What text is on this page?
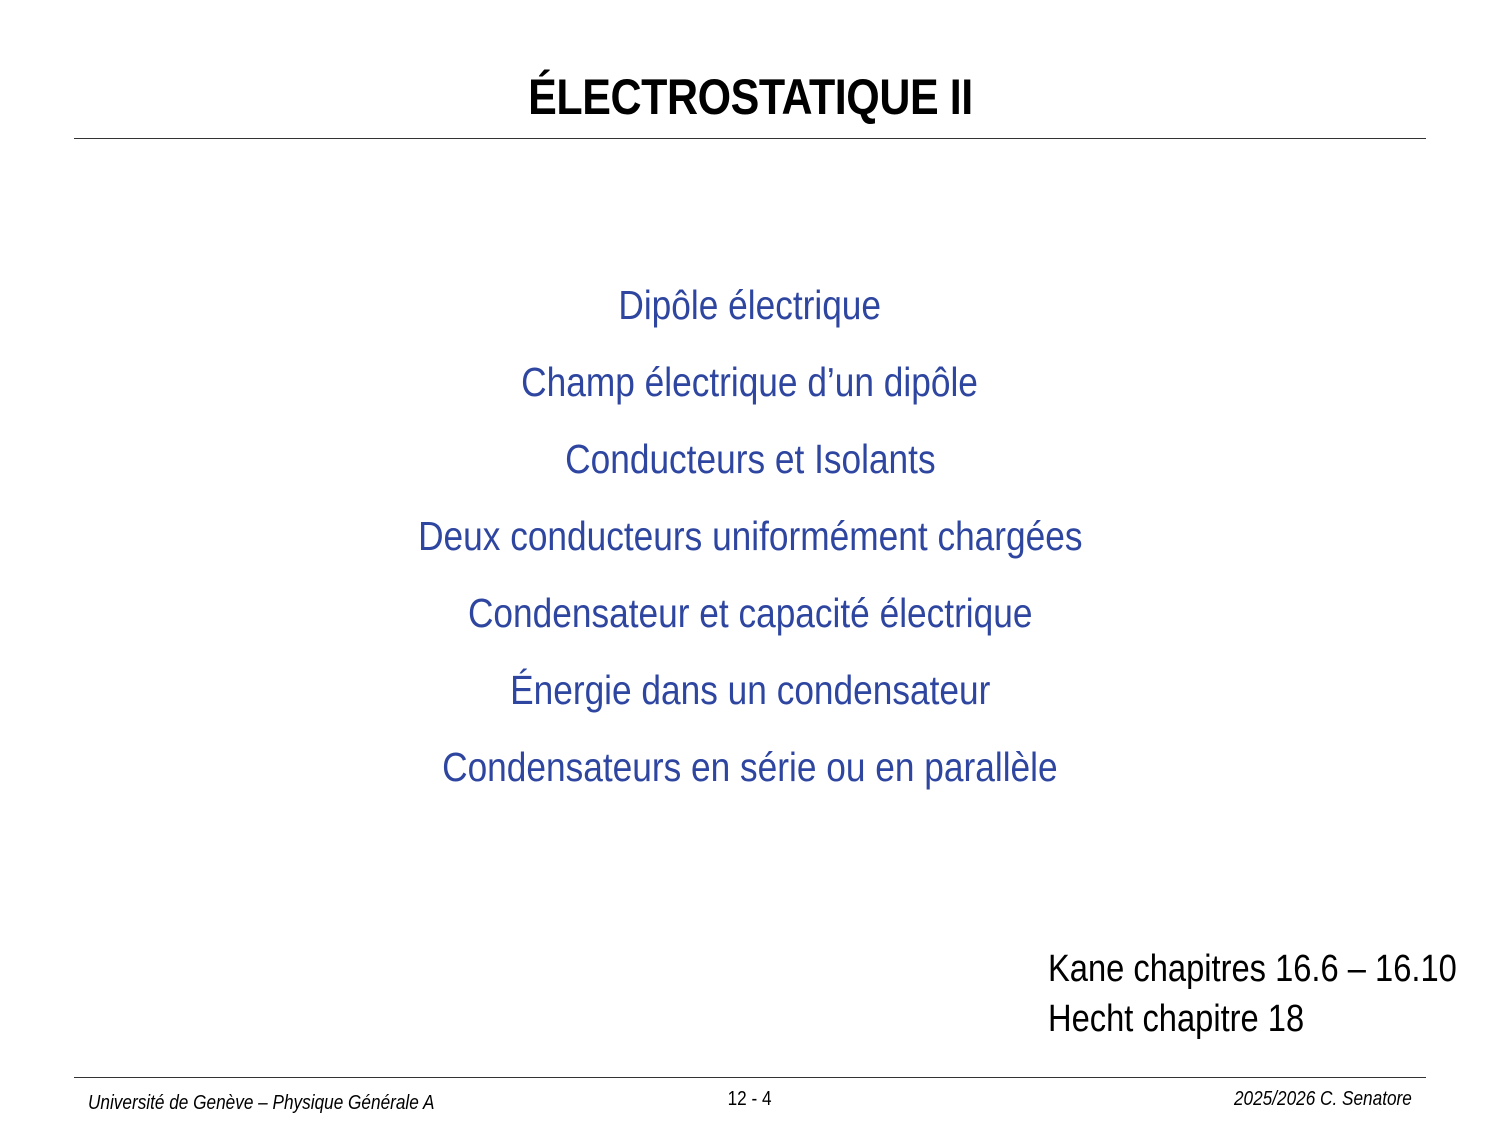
ÉLECTROSTATIQUE II
Dipôle électrique
Champ électrique d’un dipôle
Conducteurs et Isolants
Deux conducteurs uniformément chargées
Condensateur et capacité électrique
Énergie dans un condensateur
Condensateurs en série ou en parallèle
Kane chapitres 16.6 – 16.10
Hecht chapitre 18
Université de Genève – Physique Générale A	12 - 4	2025/2026 C. Senatore
